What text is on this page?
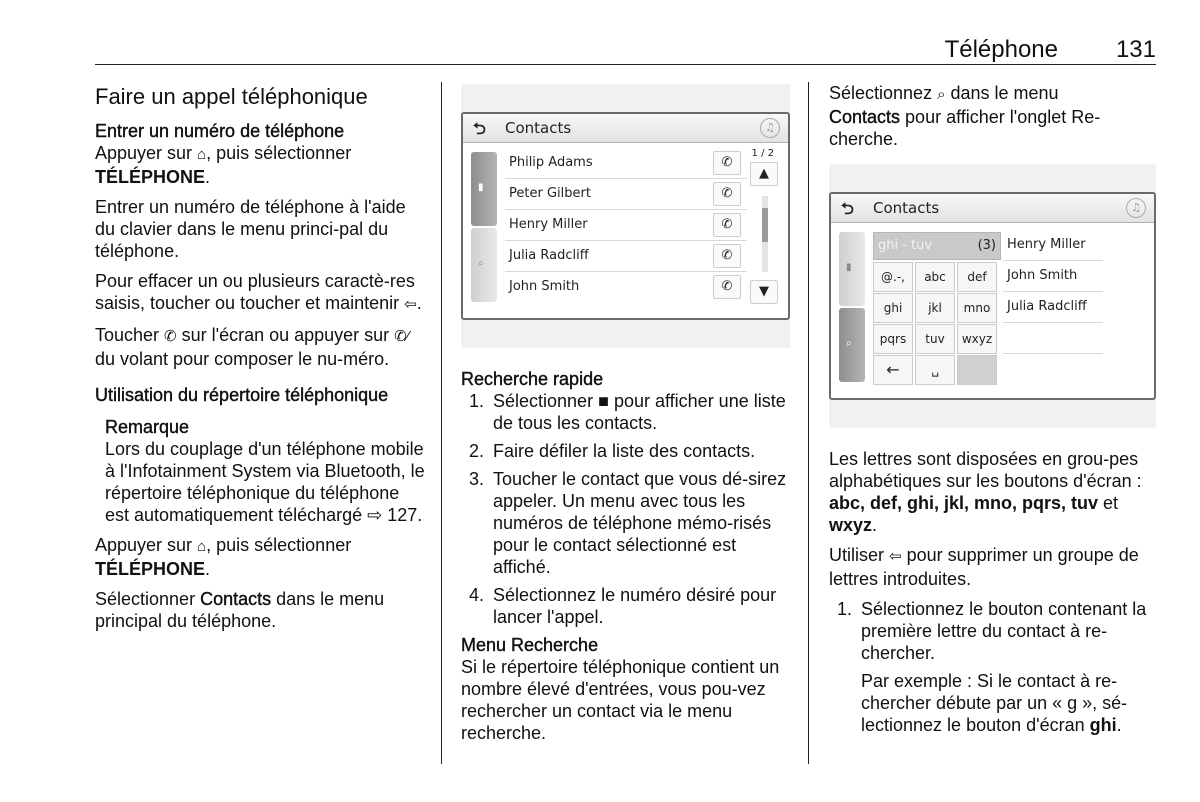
Téléphone 131
Faire un appel téléphonique
Entrer un numéro de téléphone

Appuyer sur ⌂, puis sélectionner
TÉLÉPHONE.

Entrer un numéro de téléphone à l'aide du clavier dans le menu princi-pal du téléphone.

Pour effacer un ou plusieurs caractè-res saisis, toucher ou toucher et maintenir ⇦.

Toucher ✆ sur l'écran ou appuyer sur ✆⁄ du volant pour composer le nu-méro.

Utilisation du répertoire téléphonique
Remarque
Lors du couplage d'un téléphone mobile à l'Infotainment System via Bluetooth, le répertoire téléphonique du téléphone est automatiquement téléchargé ⇨ 127.

Appuyer sur ⌂, puis sélectionner
TÉLÉPHONE.

Sélectionner Contacts dans le menu principal du téléphone.

⮌ Contacts	♫
▮
⌕
Philip Adams	✆
Peter Gilbert	✆
Henry Miller	✆
Julia Radcliff	✆
John Smith	✆
1 / 2
▲
▼
Recherche rapide
1. Sélectionner ■ pour afficher une liste de tous les contacts.
2. Faire défiler la liste des contacts.
3. Toucher le contact que vous dé-sirez appeler. Un menu avec tous les numéros de téléphone mémo-risés pour le contact sélectionné est affiché.
4. Sélectionnez le numéro désiré pour lancer l'appel.
Menu Recherche

Si le répertoire téléphonique contient un nombre élevé d'entrées, vous pou-vez rechercher un contact via le menu recherche.

Sélectionnez ⌕ dans le menu
Contacts pour afficher l'onglet Re-cherche.

⮌ Contacts	♫
▮
⌕
ghi - tuv	(3)
@.-,	abc	def
ghi	jkl	mno
pqrs	tuv	wxyz
←	␣
Henry Miller
John Smith
Julia Radcliff

Les lettres sont disposées en grou-pes alphabétiques sur les boutons d'écran : abc, def, ghi, jkl, mno, pqrs, tuv et wxyz.

Utiliser ⇦ pour supprimer un groupe de lettres introduites.

1. Sélectionnez le bouton contenant la première lettre du contact à re-chercher.

Par exemple : Si le contact à re-chercher débute par un « g », sé-lectionnez le bouton d'écran ghi.
